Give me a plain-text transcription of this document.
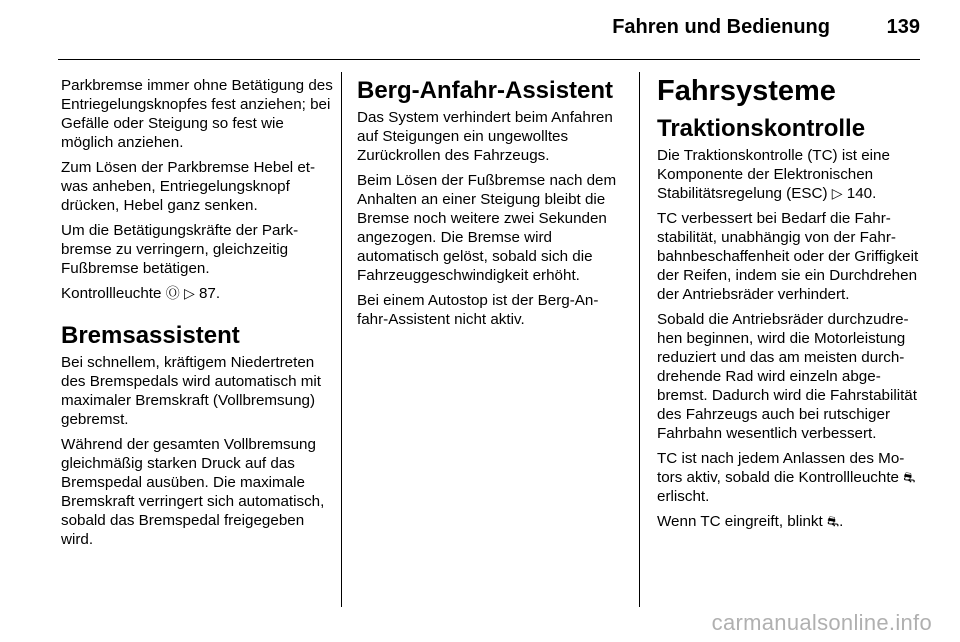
Fahren und Bedienung	139

Parkbremse immer ohne Betätigung des Entriegelungsknopfes fest anziehen; bei Gefälle oder Steigung so fest wie möglich anziehen.

Zum Lösen der Parkbremse Hebel etwas anheben, Entriegelungsknopf drücken, Hebel ganz senken.

Um die Betätigungskräfte der Parkbremse zu verringern, gleichzeitig Fußbremse betätigen.

Kontrollleuchte Ⓞ ▷ 87.

Bremsassistent

Bei schnellem, kräftigem Niedertreten des Bremspedals wird automatisch mit maximaler Bremskraft (Vollbremsung) gebremst.

Während der gesamten Vollbremsung gleichmäßig starken Druck auf das Bremspedal ausüben. Die maximale Bremskraft verringert sich automatisch, sobald das Bremspedal freigegeben wird.

Berg-Anfahr-Assistent

Das System verhindert beim Anfahren auf Steigungen ein ungewolltes Zurückrollen des Fahrzeugs.

Beim Lösen der Fußbremse nach dem Anhalten an einer Steigung bleibt die Bremse noch weitere zwei Sekunden angezogen. Die Bremse wird automatisch gelöst, sobald sich die Fahrzeuggeschwindigkeit erhöht.

Bei einem Autostop ist der Berg-Anfahr-Assistent nicht aktiv.

Fahrsysteme
Traktionskontrolle

Die Traktionskontrolle (TC) ist eine Komponente der Elektronischen Stabilitätsregelung (ESC) ▷ 140.

TC verbessert bei Bedarf die Fahrstabilität, unabhängig von der Fahrbahnbeschaffenheit oder der Griffigkeit der Reifen, indem sie ein Durchdrehen der Antriebsräder verhindert.

Sobald die Antriebsräder durchzudrehen beginnen, wird die Motorleistung reduziert und das am meisten durchdrehende Rad wird einzeln abgebremst. Dadurch wird die Fahrstabilität des Fahrzeugs auch bei rutschiger Fahrbahn wesentlich verbessert.

TC ist nach jedem Anlassen des Motors aktiv, sobald die Kontrollleuchte ⛐ erlischt.

Wenn TC eingreift, blinkt ⛐.

carmanualsonline.info
